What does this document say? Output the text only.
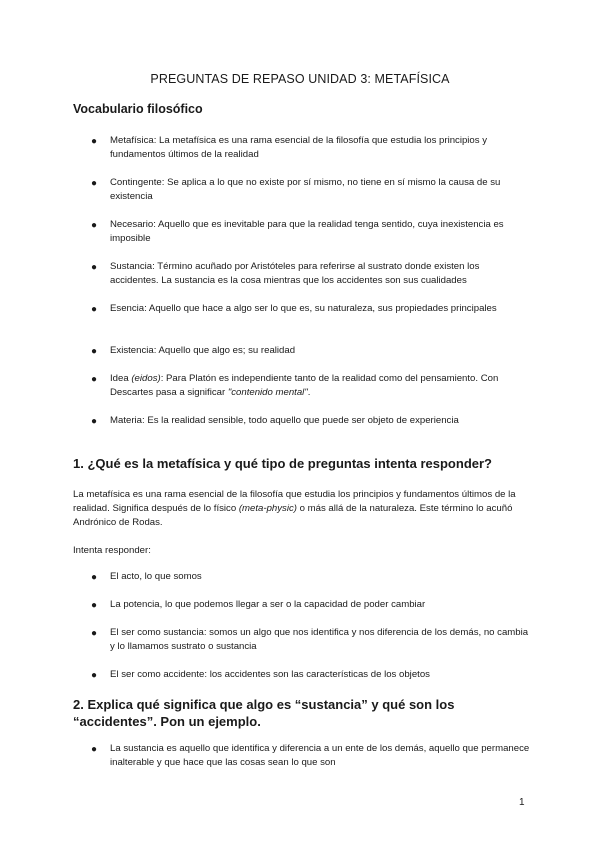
PREGUNTAS DE REPASO UNIDAD 3: METAFÍSICA
Vocabulario filosófico
● Metafísica: La metafísica es una rama esencial de la filosofía que estudia los principios y fundamentos últimos de la realidad
● Contingente: Se aplica a lo que no existe por sí mismo, no tiene en sí mismo la causa de su existencia
● Necesario: Aquello que es inevitable para que la realidad tenga sentido, cuya inexistencia es imposible
● Sustancia: Término acuñado por Aristóteles para referirse al sustrato donde existen los accidentes. La sustancia es la cosa mientras que los accidentes son sus cualidades
● Esencia: Aquello que hace a algo ser lo que es, su naturaleza, sus propiedades principales
● Existencia: Aquello que algo es; su realidad
● Idea (eidos): Para Platón es independiente tanto de la realidad como del pensamiento. Con Descartes pasa a significar "contenido mental".
● Materia: Es la realidad sensible, todo aquello que puede ser objeto de experiencia
1. ¿Qué es la metafísica y qué tipo de preguntas intenta responder?
La metafísica es una rama esencial de la filosofía que estudia los principios y fundamentos últimos de la realidad. Significa después de lo físico (meta-physic) o más allá de la naturaleza. Este término lo acuñó Andrónico de Rodas.
Intenta responder:
● El acto, lo que somos
● La potencia, lo que podemos llegar a ser o la capacidad de poder cambiar
● El ser como sustancia: somos un algo que nos identifica y nos diferencia de los demás, no cambia y lo llamamos sustrato o sustancia
● El ser como accidente: los accidentes son las características de los objetos
2. Explica qué significa que algo es “sustancia” y qué son los
“accidentes”. Pon un ejemplo.
● La sustancia es aquello que identifica y diferencia a un ente de los demás, aquello que permanece inalterable y que hace que las cosas sean lo que son
1
